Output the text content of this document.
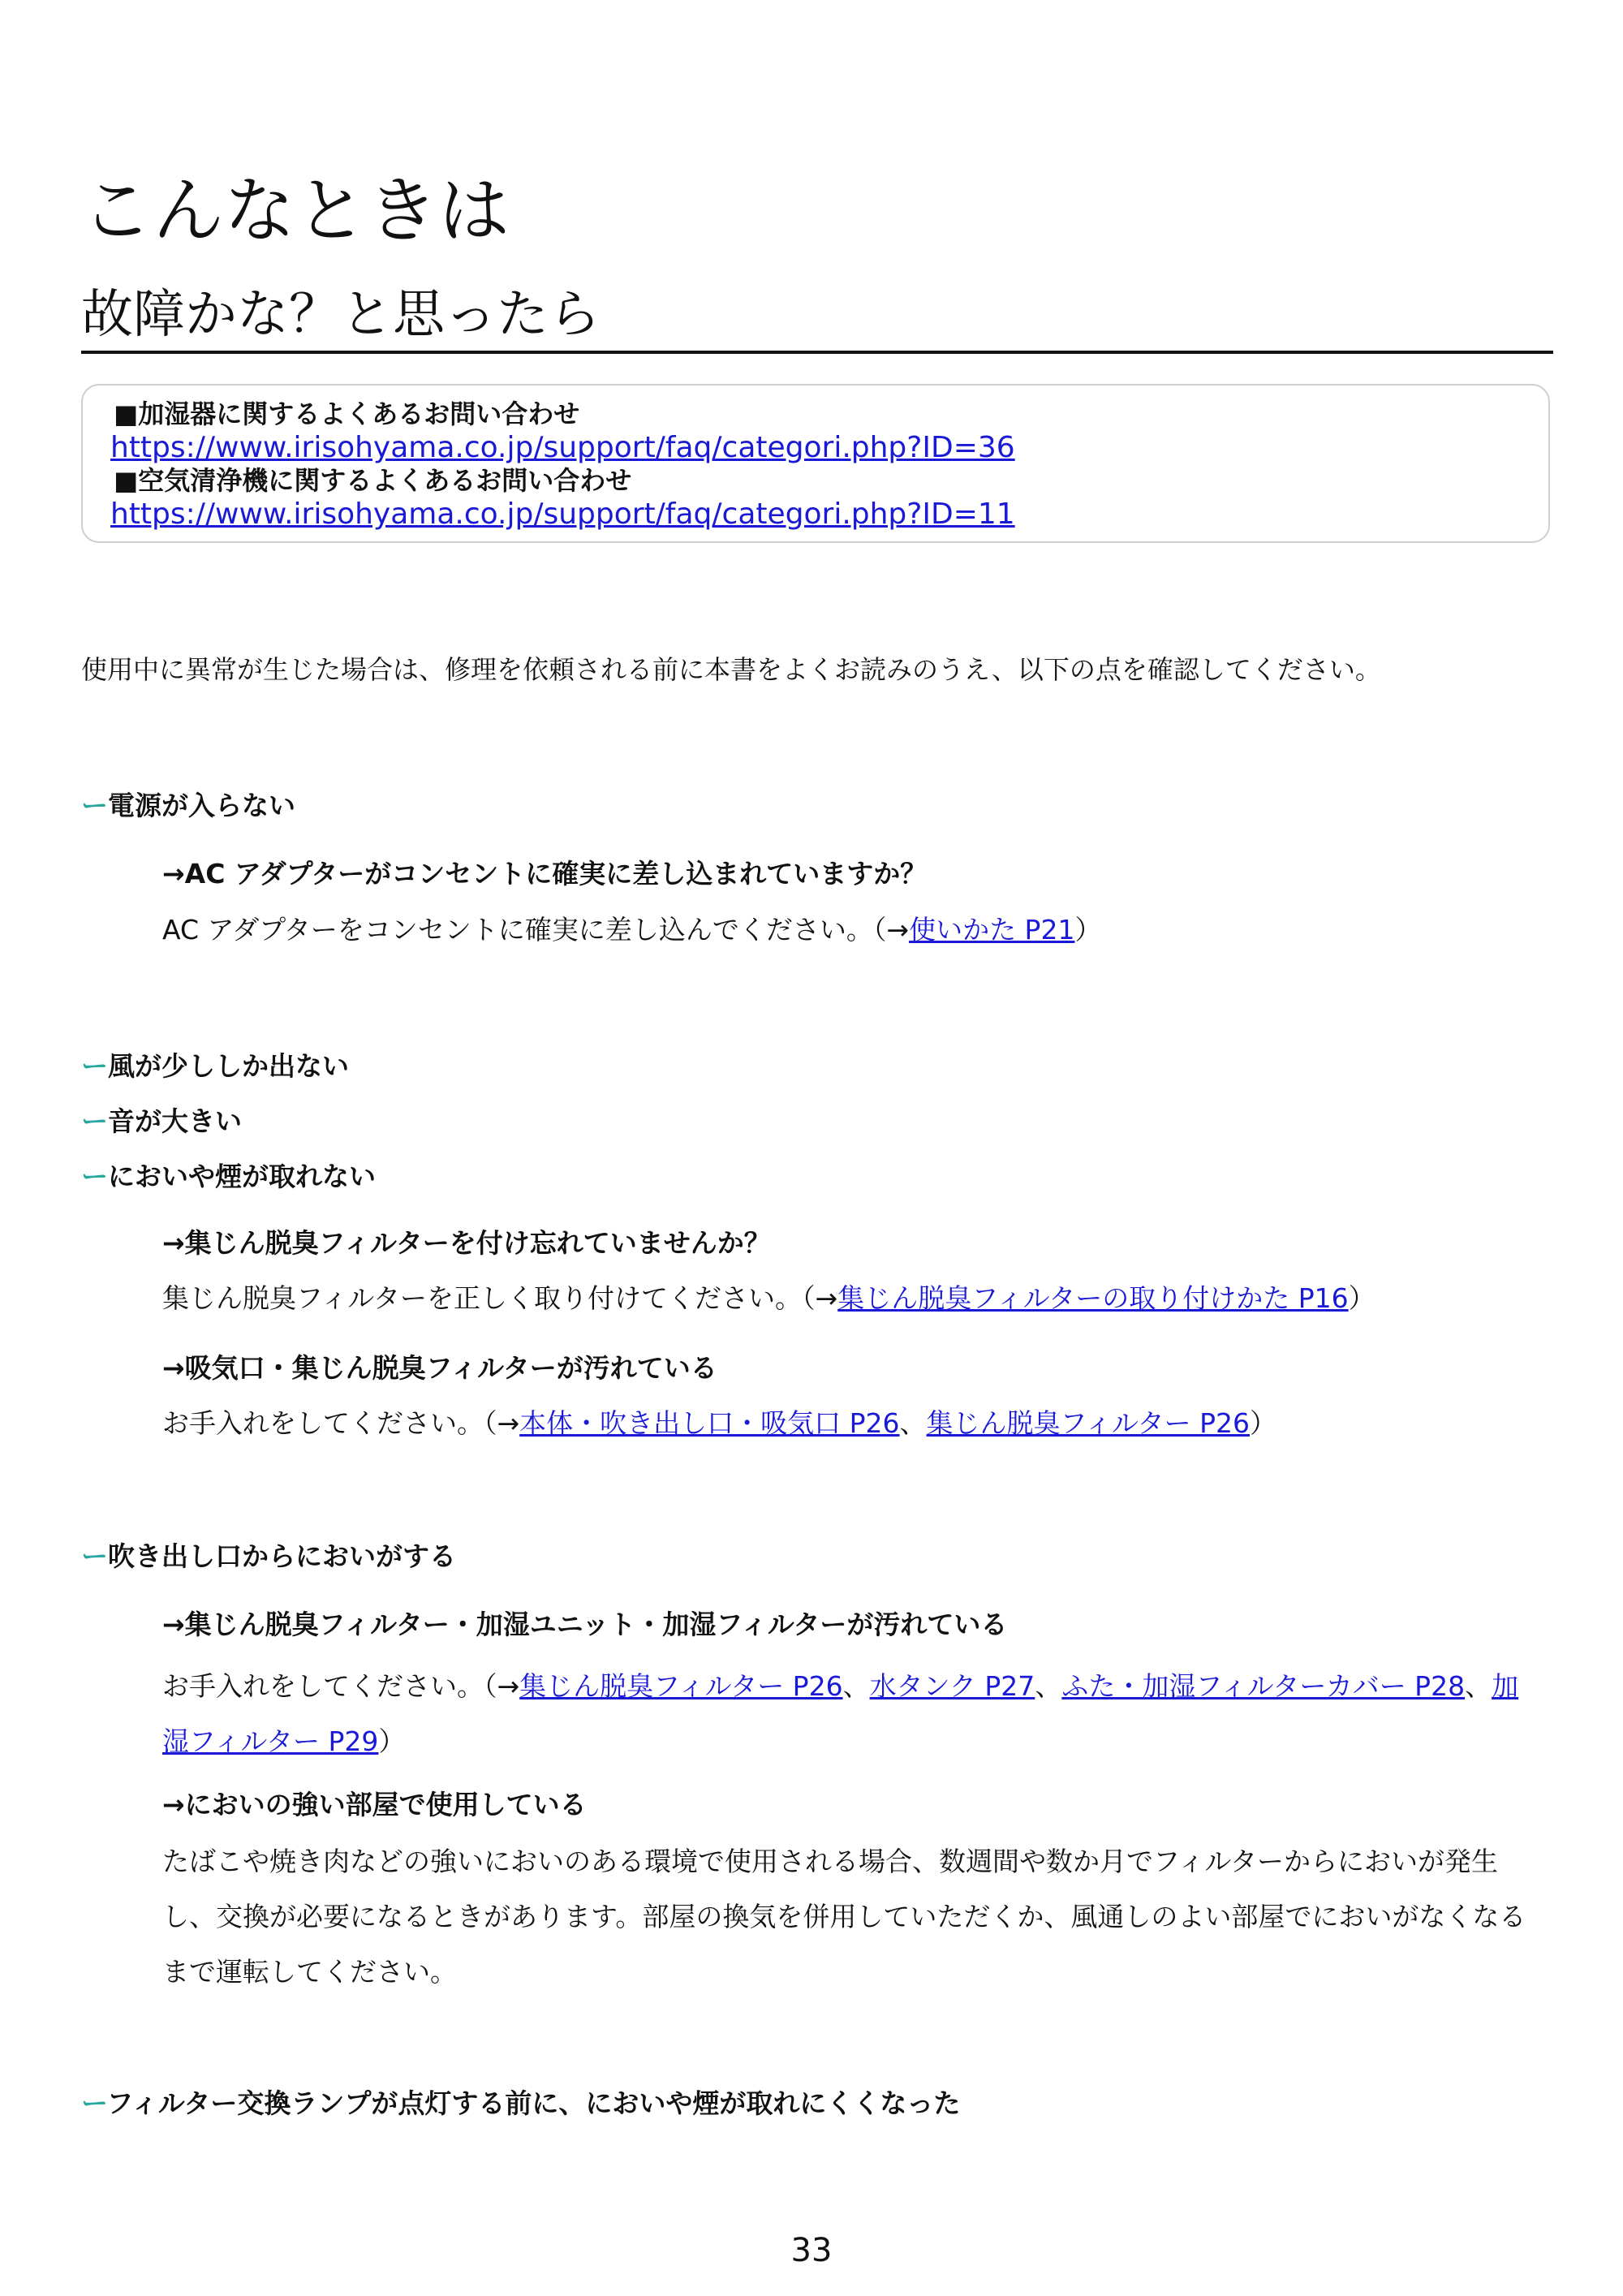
こんなときは
故障かな？と思ったら
■加湿器に関するよくあるお問い合わせ
https://www.irisohyama.co.jp/support/faq/categori.php?ID=36
■空気清浄機に関するよくあるお問い合わせ
https://www.irisohyama.co.jp/support/faq/categori.php?ID=11
使用中に異常が生じた場合は、修理を依頼される前に本書をよくお読みのうえ、以下の点を確認してください。
ー電源が入らない
→AC アダプターがコンセントに確実に差し込まれていますか？
AC アダプターをコンセントに確実に差し込んでください。（→使いかた P21）
ー風が少ししか出ない
ー音が大きい
ーにおいや煙が取れない
→集じん脱臭フィルターを付け忘れていませんか？
集じん脱臭フィルターを正しく取り付けてください。（→集じん脱臭フィルターの取り付けかた P16）
→吸気口・集じん脱臭フィルターが汚れている
お手入れをしてください。（→本体・吹き出し口・吸気口 P26、集じん脱臭フィルター P26）
ー吹き出し口からにおいがする
→集じん脱臭フィルター・加湿ユニット・加湿フィルターが汚れている
お手入れをしてください。（→集じん脱臭フィルター P26、水タンク P27、ふた・加湿フィルターカバー P28、加湿フィルター P29）
→においの強い部屋で使用している
たばこや焼き肉などの強いにおいのある環境で使用される場合、数週間や数か月でフィルターからにおいが発生し、交換が必要になるときがあります。部屋の換気を併用していただくか、風通しのよい部屋でにおいがなくなるまで運転してください。
ーフィルター交換ランプが点灯する前に、においや煙が取れにくくなった
33
